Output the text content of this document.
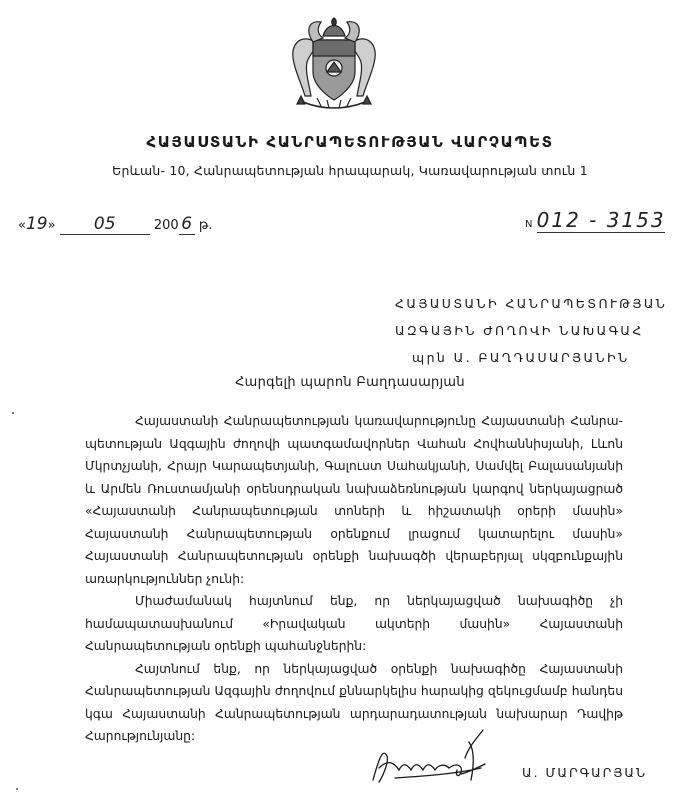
ՀԱՅԱՍՏԱՆԻ ՀԱՆՐԱՊԵՏՈՒԹՅԱՆ ՎԱՐՉԱՊԵՏ
Երևան- 10, Հանրապետության հրապարակ, Կառավարության տուն 1
«19» 05	200 6 թ.	N 012 - 3153
ՀԱՅԱՍՏԱՆԻ ՀԱՆՐԱՊԵՏՈՒԹՅԱՆ
ԱԶԳԱՅԻՆ ԺՈՂՈՎԻ ՆԱԽԱԳԱՀ
պրն Ա. ԲԱՂԴԱՍԱՐՅԱՆԻՆ
Հարգելի պարոն Բաղդասարյան

Հայաստանի Հանրապետության կառավարությունը Հայաստանի Հանրա-պետության Ազգային ժողովի պատգամավորներ Վահան Հովհաննիսյանի, Լևոն Մկրտչյանի, Հրայր Կարապետյանի, Գալուստ Սահակյանի, Սամվել Բալասանյանի և Արմեն Ռուստամյանի օրենսդրական նախաձեռնության կարգով ներկայացրած «Հայաստանի Հանրապետության տոների և հիշատակի օրերի մասին» Հայաստանի Հանրապետության օրենքում լրացում կատարելու մասին» Հայաստանի Հանրապետության օրենքի նախագծի վերաբերյալ սկզբունքային առարկություններ չունի:

Միաժամանակ հայտնում ենք, որ ներկայացված նախագիծը չի համապատասխանում «Իրավական ակտերի մասին» Հայաստանի Հանրապետության օրենքի պահանջներին:

Հայտնում ենք, որ ներկայացված օրենքի նախագիծը Հայաստանի Հանրապետության Ազգային ժողովում քննարկելիս հարակից զեկուցմամբ հանդես կգա Հայաստանի Հանրապետության արդարադատության նախարար Դավիթ Հարությունյանը:

Ա. ՄԱՐԳԱՐՅԱՆ
